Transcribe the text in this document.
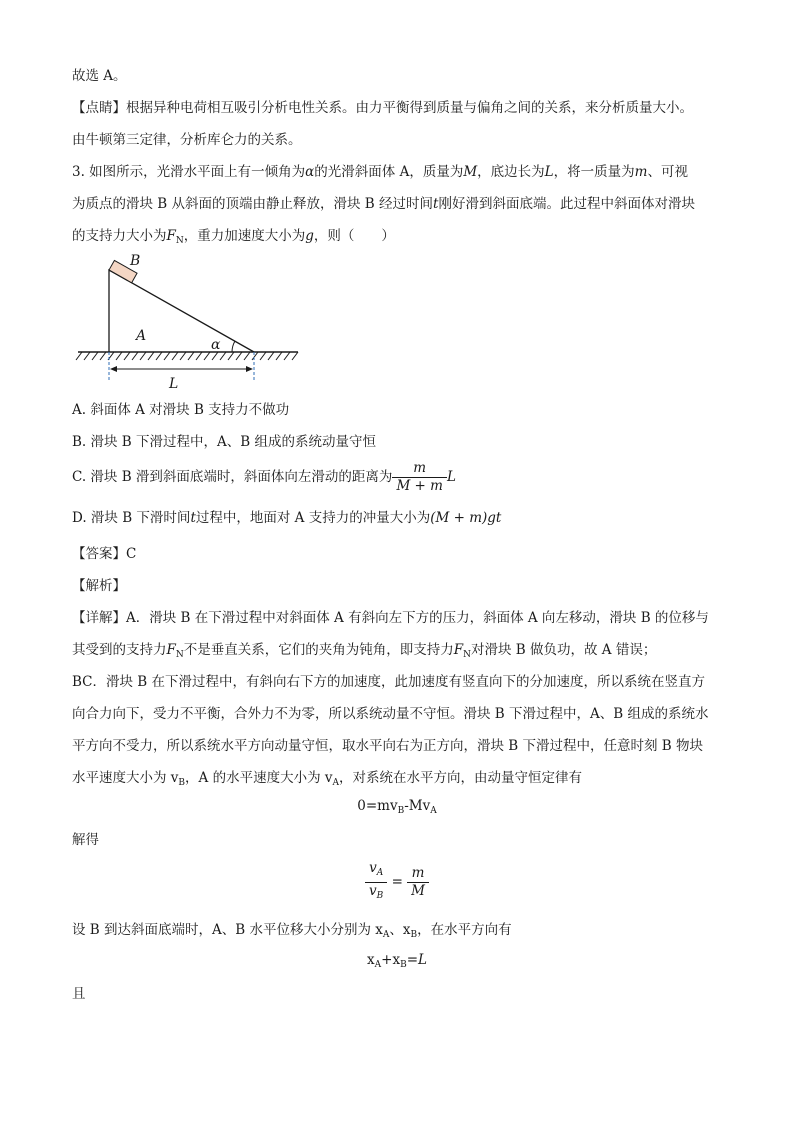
故选 A。
【点睛】根据异种电荷相互吸引分析电性关系。由力平衡得到质量与偏角之间的关系，来分析质量大小。
由牛顿第三定律，分析库仑力的关系。
3. 如图所示，光滑水平面上有一倾角为α的光滑斜面体 A，质量为M，底边长为L，将一质量为m、可视
为质点的滑块 B 从斜面的顶端由静止释放，滑块 B 经过时间t刚好滑到斜面底端。此过程中斜面体对滑块
的支持力大小为$F_N$，重力加速度大小为g，则（　　）
B
A
α
L
A. 斜面体 A 对滑块 B 支持力不做功
B. 滑块 B 下滑过程中，A、B 组成的系统动量守恒
C. 滑块 B 滑到斜面底端时，斜面体向左滑动的距离为 $\frac{m}{M + m}$ L
D. 滑块 B 下滑时间t过程中，地面对 A 支持力的冲量大小为(M + m)gt
【答案】C
【解析】
【详解】A．滑块 B 在下滑过程中对斜面体 A 有斜向左下方的压力，斜面体 A 向左移动，滑块 B 的位移与
其受到的支持力$F_N$不是垂直关系，它们的夹角为钝角，即支持力$F_N$对滑块 B 做负功，故 A 错误；
BC．滑块 B 在下滑过程中，有斜向右下方的加速度，此加速度有竖直向下的分加速度，所以系统在竖直方
向合力向下，受力不平衡，合外力不为零，所以系统动量不守恒。滑块 B 下滑过程中，A、B 组成的系统水
平方向不受力，所以系统水平方向动量守恒，取水平向右为正方向，滑块 B 下滑过程中，任意时刻 B 物块
水平速度大小为 $v_B$，A 的水平速度大小为 $v_A$，对系统在水平方向，由动量守恒定律有
$0=mv_B-Mv_A$
解得
$\frac{v_A}{v_B} = \frac{m}{M}$
设 B 到达斜面底端时，A、B 水平位移大小分别为 $x_A$、$x_B$，在水平方向有
$x_A+x_B=L$
且
